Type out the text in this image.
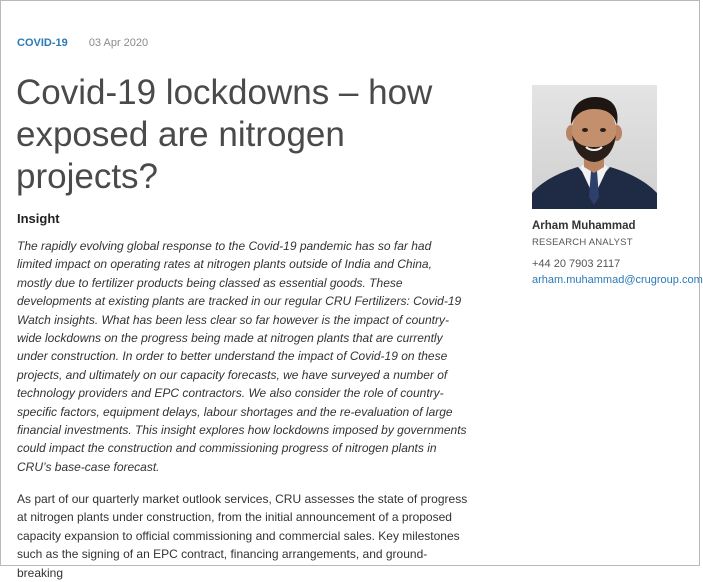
COVID-19 03 Apr 2020
Covid-19 lockdowns – how exposed are nitrogen projects?
Insight

The rapidly evolving global response to the Covid-19 pandemic has so far had limited impact on operating rates at nitrogen plants outside of India and China, mostly due to fertilizer products being classed as essential goods. These developments at existing plants are tracked in our regular CRU Fertilizers: Covid-19 Watch insights. What has been less clear so far however is the impact of country-wide lockdowns on the progress being made at nitrogen plants that are currently under construction. In order to better understand the impact of Covid-19 on these projects, and ultimately on our capacity forecasts, we have surveyed a number of technology providers and EPC contractors. We also consider the role of country-specific factors, equipment delays, labour shortages and the re-evaluation of large financial investments. This insight explores how lockdowns imposed by governments could impact the construction and commissioning progress of nitrogen plants in CRU’s base-case forecast.

As part of our quarterly market outlook services, CRU assesses the state of progress at nitrogen plants under construction, from the initial announcement of a proposed capacity expansion to official commissioning and commercial sales. Key milestones such as the signing of an EPC contract, financing arrangements, and ground-breaking

Arham Muhammad
RESEARCH ANALYST
+44 20 7903 2117
arham.muhammad@crugroup.com
